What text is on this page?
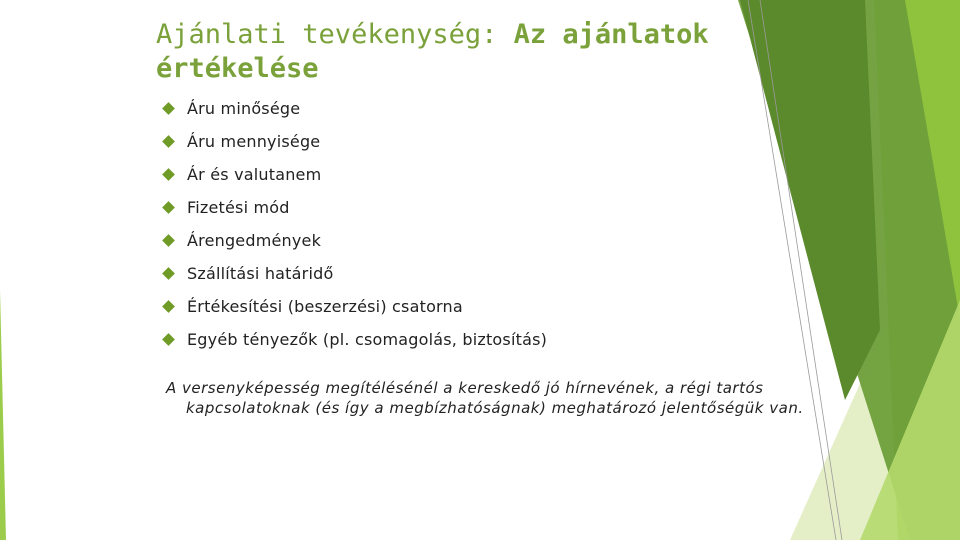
Ajánlati tevékenység: Az ajánlatok értékelése
Áru minősége
Áru mennyisége
Ár és valutanem
Fizetési mód
Árengedmények
Szállítási határidő
Értékesítési (beszerzési) csatorna
Egyéb tényezők (pl. csomagolás, biztosítás)

A versenyképesség megítélésénél a kereskedő jó hírnevének, a régi tartós kapcsolatoknak (és így a megbízhatóságnak) meghatározó jelentőségük van.
